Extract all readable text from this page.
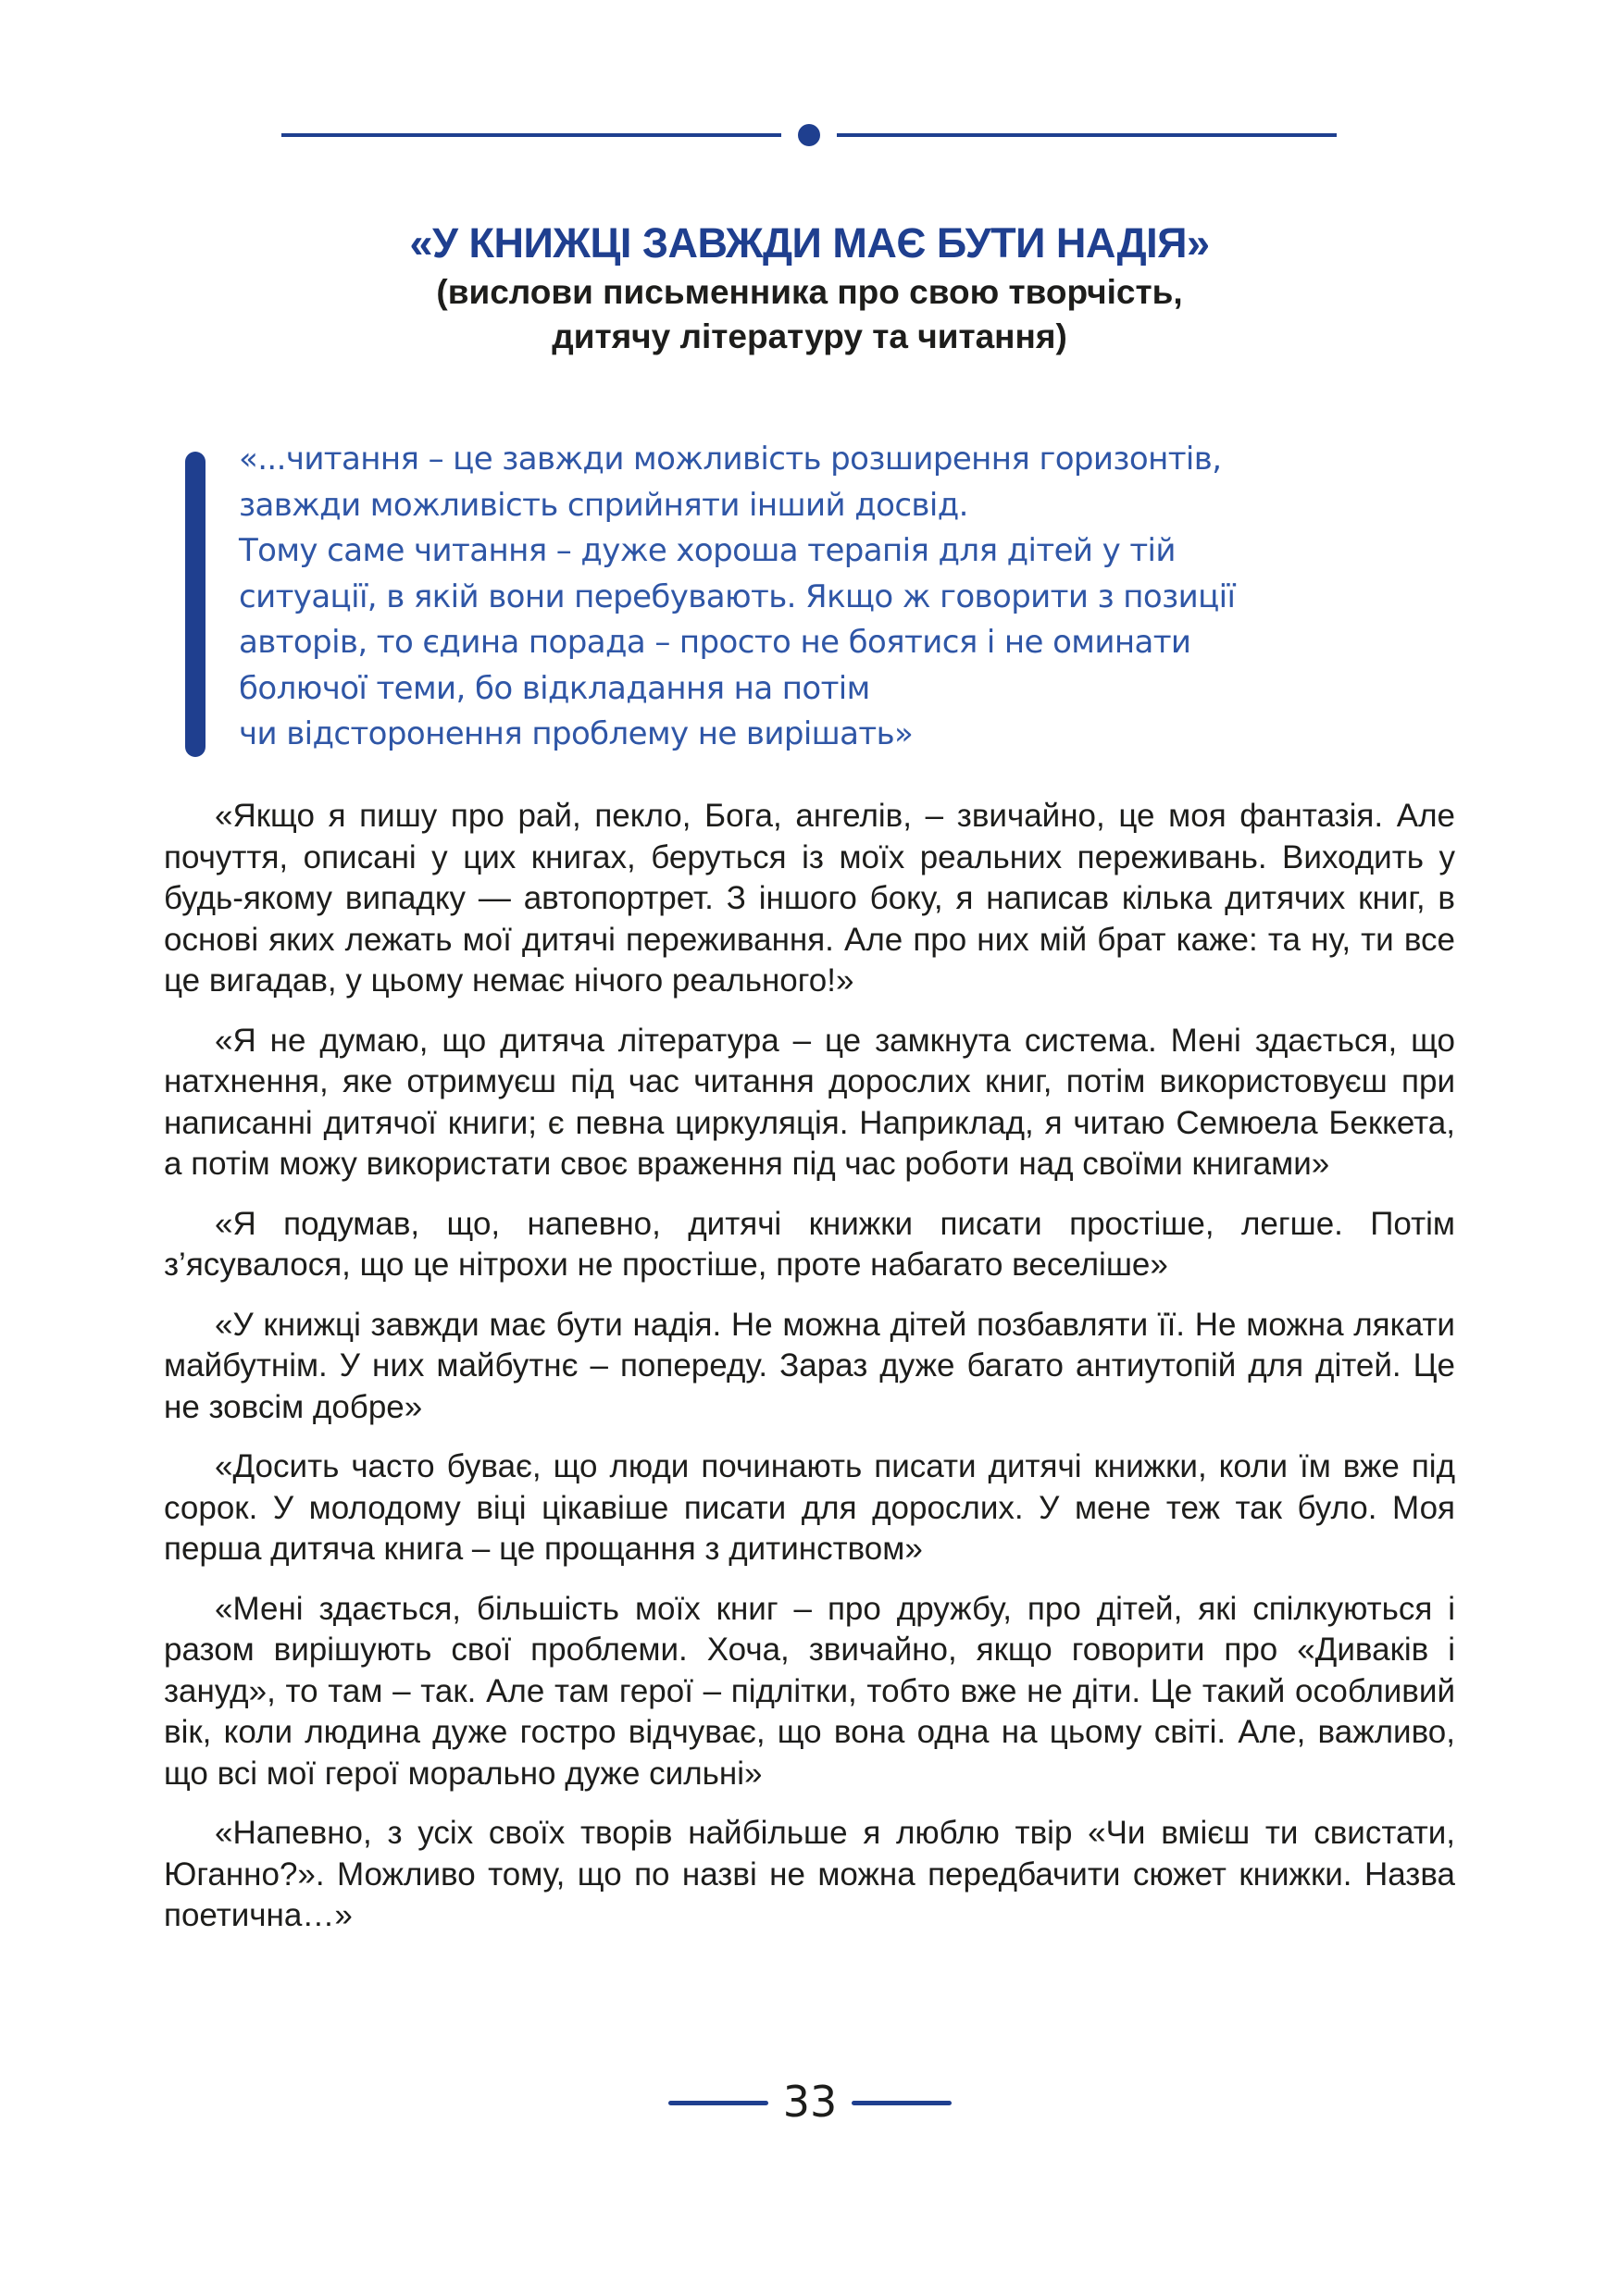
«У КНИЖЦІ ЗАВЖДИ МАЄ БУТИ НАДІЯ»
(вислови письменника про свою творчість,
дитячу літературу та читання)
«...читання – це завжди можливість розширення горизонтів,
завжди можливість сприйняти інший досвід.
Тому саме читання – дуже хороша терапія для дітей у тій
ситуації, в якій вони перебувають. Якщо ж говорити з позиції
авторів, то єдина порада – просто не боятися і не оминати
болючої теми, бо відкладання на потім
чи відсторонення проблему не вирішать»

«Якщо я пишу про рай, пекло, Бога, ангелів, – звичайно, це моя фантазія. Але почуття, описані у цих книгах, беруться із моїх реальних переживань. Виходить у будь-якому випадку — автопортрет. З іншого боку, я написав кілька дитячих книг, в основі яких лежать мої дитячі переживання. Але про них мій брат каже: та ну, ти все це вигадав, у цьому немає нічого реального!»

«Я не думаю, що дитяча література – це замкнута система. Мені здається, що натхнення, яке отримуєш під час читання дорослих книг, потім використовуєш при написанні дитячої книги; є певна циркуляція. Наприклад, я читаю Семюела Беккета, а потім можу використати своє враження під час роботи над своїми книгами»

«Я подумав, що, напевно, дитячі книжки писати простіше, легше. Потім з’ясувалося, що це нітрохи не простіше, проте набагато веселіше»

«У книжці завжди має бути надія. Не можна дітей позбавляти її. Не можна лякати майбутнім. У них майбутнє – попереду. Зараз дуже багато антиутопій для дітей. Це не зовсім добре»

«Досить часто буває, що люди починають писати дитячі книжки, коли їм вже під сорок. У молодому віці цікавіше писати для дорослих. У мене теж так було. Моя перша дитяча книга – це прощання з дитинством»

«Мені здається, більшість моїх книг – про дружбу, про дітей, які спілкуються і разом вирішують свої проблеми. Хоча, звичайно, якщо говорити про «Диваків і зануд», то там – так. Але там герої – підлітки, тобто вже не діти. Це такий особливий вік, коли людина дуже гостро відчуває, що вона одна на цьому світі. Але, важливо, що всі мої герої морально дуже сильні»

«Напевно, з усіх своїх творів найбільше я люблю твір «Чи вмієш ти свистати, Юганно?». Можливо тому, що по назві не можна передбачити сюжет книжки. Назва поетична…»

33
